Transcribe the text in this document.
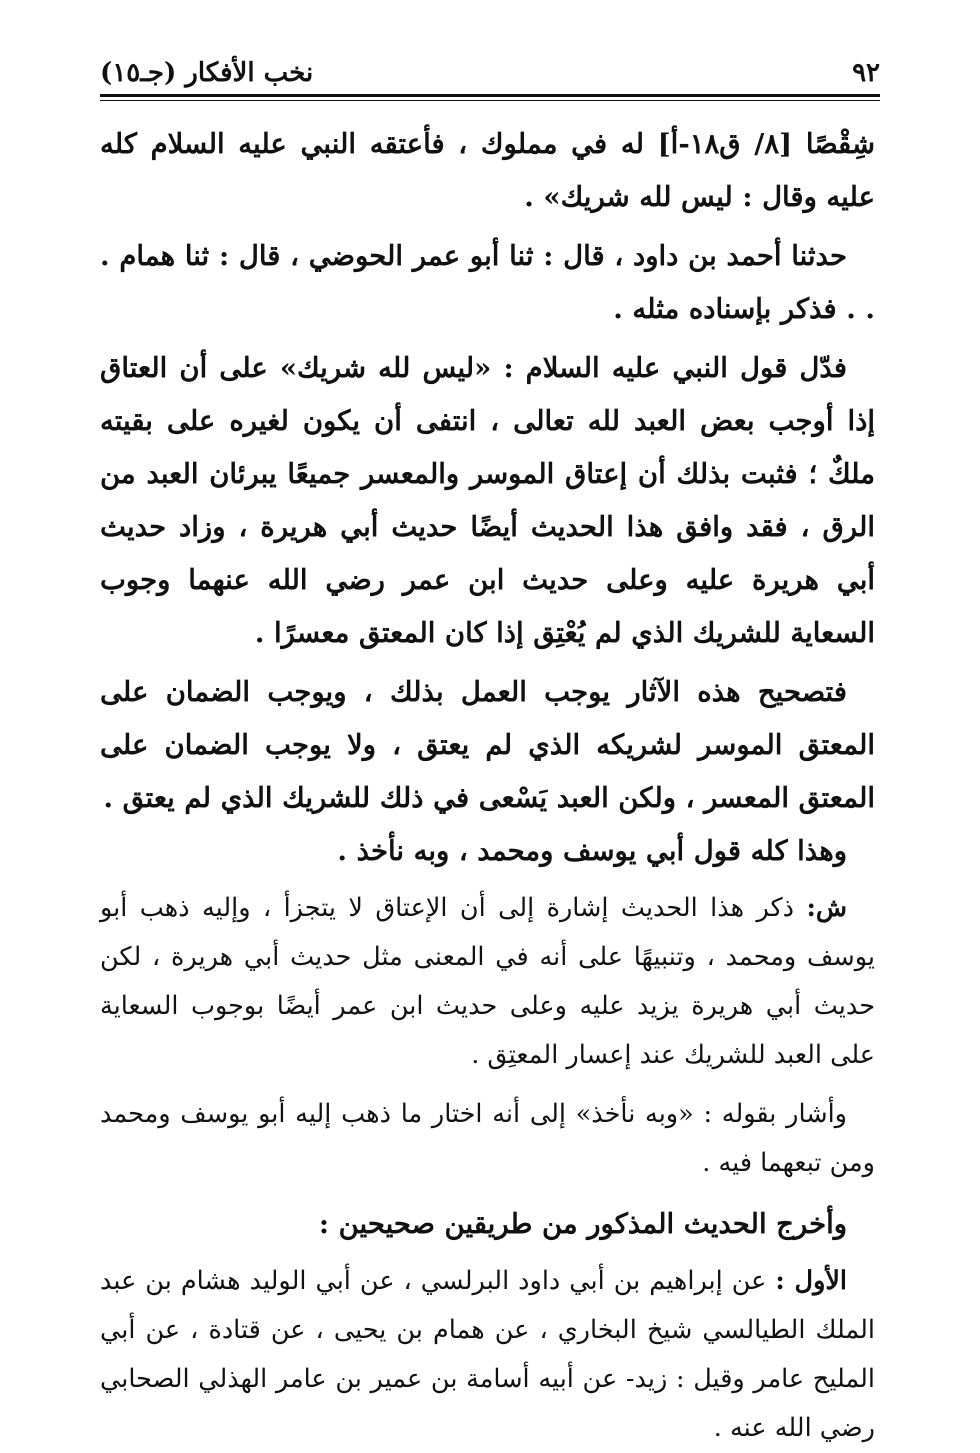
٩٢
نخب الأفكار (جـ١٥)

شِقْصًا [٨/ ق١٨-أ] له في مملوك ، فأعتقه النبي عليه السلام كله عليه وقال : ليس لله شريك» .

حدثنا أحمد بن داود ، قال : ثنا أبو عمر الحوضي ، قال : ثنا همام . . . فذكر بإسناده مثله .

فدّل قول النبي عليه السلام : «ليس لله شريك» على أن العتاق إذا أوجب بعض العبد لله تعالى ، انتفى أن يكون لغيره على بقيته ملكٌ ؛ فثبت بذلك أن إعتاق الموسر والمعسر جميعًا يبرئان العبد من الرق ، فقد وافق هذا الحديث أيضًا حديث أبي هريرة ، وزاد حديث أبي هريرة عليه وعلى حديث ابن عمر رضي الله عنهما وجوب السعاية للشريك الذي لم يُعْتِق إذا كان المعتق معسرًا .

فتصحيح هذه الآثار يوجب العمل بذلك ، ويوجب الضمان على المعتق الموسر لشريكه الذي لم يعتق ، ولا يوجب الضمان على المعتق المعسر ، ولكن العبد يَسْعى في ذلك للشريك الذي لم يعتق .

وهذا كله قول أبي يوسف ومحمد ، وبه نأخذ .

ش: ذكر هذا الحديث إشارة إلى أن الإعتاق لا يتجزأ ، وإليه ذهب أبو يوسف ومحمد ، وتنبيهًا على أنه في المعنى مثل حديث أبي هريرة ، لكن حديث أبي هريرة يزيد عليه وعلى حديث ابن عمر أيضًا بوجوب السعاية على العبد للشريك عند إعسار المعتِق .

وأشار بقوله : «وبه نأخذ» إلى أنه اختار ما ذهب إليه أبو يوسف ومحمد ومن تبعهما فيه .

وأخرج الحديث المذكور من طريقين صحيحين :

الأول : عن إبراهيم بن أبي داود البرلسي ، عن أبي الوليد هشام بن عبد الملك الطيالسي شيخ البخاري ، عن همام بن يحيى ، عن قتادة ، عن أبي المليح عامر وقيل : زيد- عن أبيه أسامة بن عمير بن عامر الهذلي الصحابي رضي الله عنه .
